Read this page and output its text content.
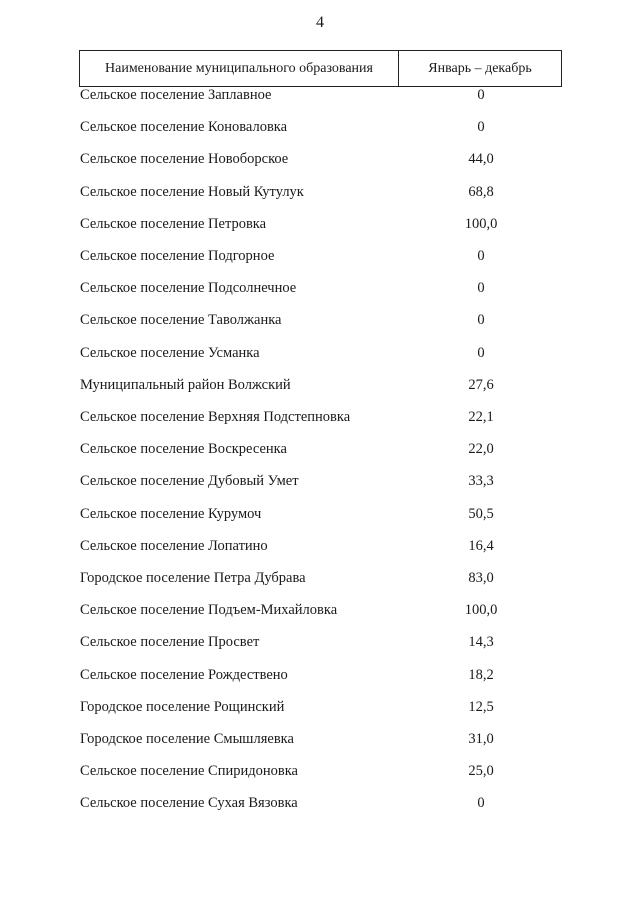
4
Наименование муниципального образования	Январь – декабрь
Сельское поселение Заплавное	0
Сельское поселение Коноваловка	0
Сельское поселение Новоборское	44,0
Сельское поселение Новый Кутулук	68,8
Сельское поселение Петровка	100,0
Сельское поселение Подгорное	0
Сельское поселение Подсолнечное	0
Сельское поселение Таволжанка	0
Сельское поселение Усманка	0
Муниципальный район Волжский	27,6
Сельское поселение Верхняя Подстепновка	22,1
Сельское поселение Воскресенка	22,0
Сельское поселение Дубовый Умет	33,3
Сельское поселение Курумоч	50,5
Сельское поселение Лопатино	16,4
Городское поселение Петра Дубрава	83,0
Сельское поселение Подъем-Михайловка	100,0
Сельское поселение Просвет	14,3
Сельское поселение Рождествено	18,2
Городское поселение Рощинский	12,5
Городское поселение Смышляевка	31,0
Сельское поселение Спиридоновка	25,0
Сельское поселение Сухая Вязовка	0
